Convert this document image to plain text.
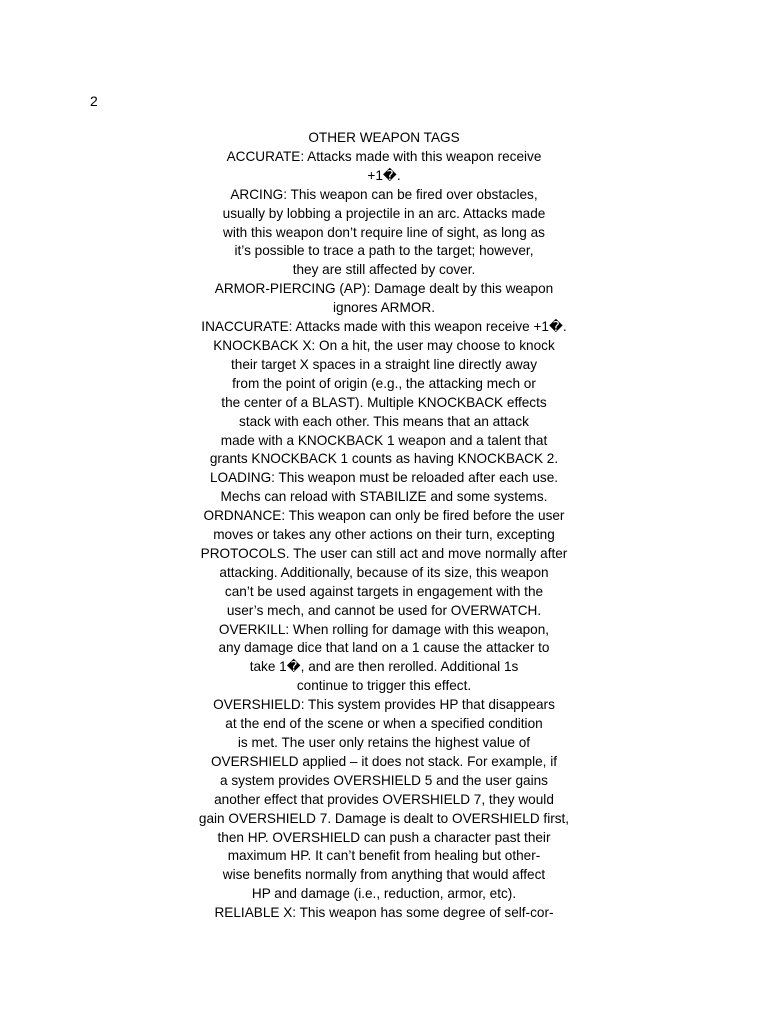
2
OTHER WEAPON TAGS
ACCURATE: Attacks made with this weapon receive
+1�.
ARCING: This weapon can be fired over obstacles,
usually by lobbing a projectile in an arc. Attacks made
with this weapon don’t require line of sight, as long as
it’s possible to trace a path to the target; however,
they are still affected by cover.
ARMOR-PIERCING (AP): Damage dealt by this weapon
ignores ARMOR.
INACCURATE: Attacks made with this weapon receive +1�.
KNOCKBACK X: On a hit, the user may choose to knock
their target X spaces in a straight line directly away
from the point of origin (e.g., the attacking mech or
the center of a BLAST). Multiple KNOCKBACK effects
stack with each other. This means that an attack
made with a KNOCKBACK 1 weapon and a talent that
grants KNOCKBACK 1 counts as having KNOCKBACK 2.
LOADING: This weapon must be reloaded after each use.
Mechs can reload with STABILIZE and some systems.
ORDNANCE: This weapon can only be fired before the user
moves or takes any other actions on their turn, excepting
PROTOCOLS. The user can still act and move normally after
attacking. Additionally, because of its size, this weapon
can’t be used against targets in engagement with the
user’s mech, and cannot be used for OVERWATCH.
OVERKILL: When rolling for damage with this weapon,
any damage dice that land on a 1 cause the attacker to
take 1�, and are then rerolled. Additional 1s
continue to trigger this effect.
OVERSHIELD: This system provides HP that disappears
at the end of the scene or when a specified condition
is met. The user only retains the highest value of
OVERSHIELD applied – it does not stack. For example, if
a system provides OVERSHIELD 5 and the user gains
another effect that provides OVERSHIELD 7, they would
gain OVERSHIELD 7. Damage is dealt to OVERSHIELD first,
then HP. OVERSHIELD can push a character past their
maximum HP. It can’t benefit from healing but other-
wise benefits normally from anything that would affect
HP and damage (i.e., reduction, armor, etc).
RELIABLE X: This weapon has some degree of self-cor-
